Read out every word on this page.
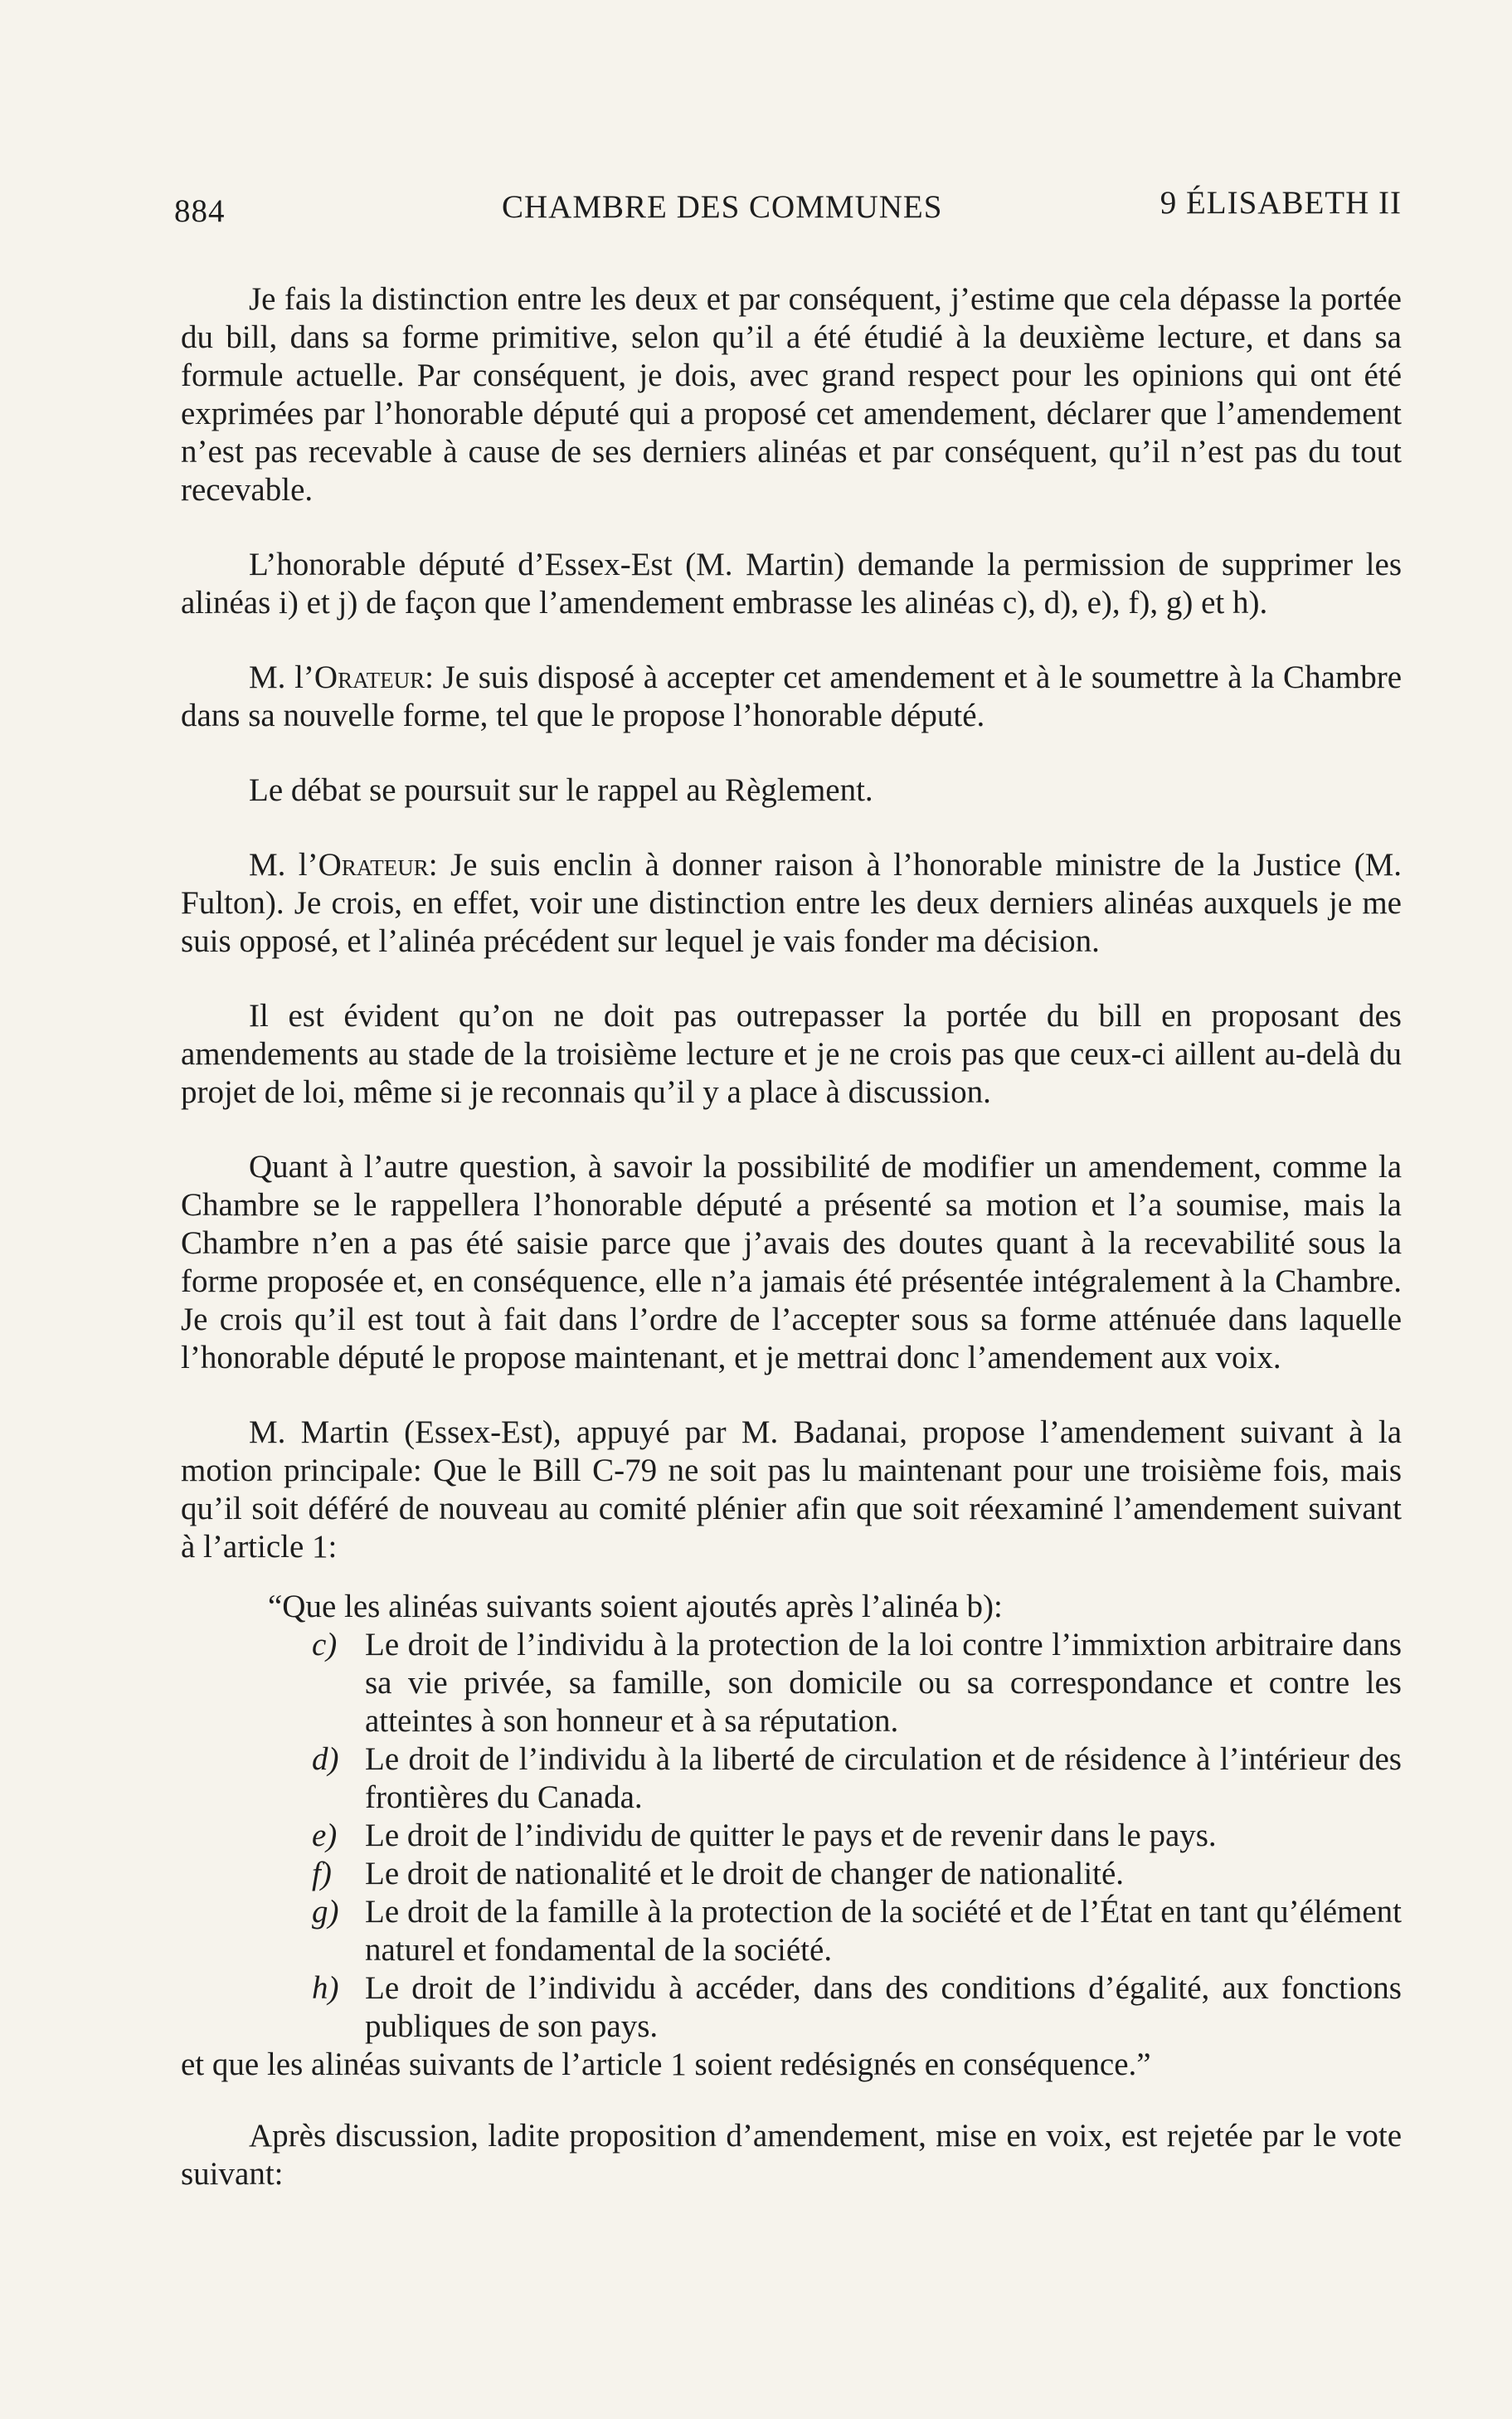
884	CHAMBRE DES COMMUNES	9 ÉLISABETH II

Je fais la distinction entre les deux et par conséquent, j’estime que cela dépasse la portée du bill, dans sa forme primitive, selon qu’il a été étudié à la deuxième lecture, et dans sa formule actuelle. Par conséquent, je dois, avec grand respect pour les opinions qui ont été exprimées par l’honorable député qui a proposé cet amendement, déclarer que l’amendement n’est pas recevable à cause de ses derniers alinéas et par conséquent, qu’il n’est pas du tout recevable.

L’honorable député d’Essex-Est (M. Martin) demande la permission de supprimer les alinéas i) et j) de façon que l’amendement embrasse les alinéas c), d), e), f), g) et h).

M. l’Orateur: Je suis disposé à accepter cet amendement et à le soumettre à la Chambre dans sa nouvelle forme, tel que le propose l’honorable député.

Le débat se poursuit sur le rappel au Règlement.

M. l’Orateur: Je suis enclin à donner raison à l’honorable ministre de la Justice (M. Fulton). Je crois, en effet, voir une distinction entre les deux derniers alinéas auxquels je me suis opposé, et l’alinéa précédent sur lequel je vais fonder ma décision.

Il est évident qu’on ne doit pas outrepasser la portée du bill en proposant des amendements au stade de la troisième lecture et je ne crois pas que ceux-ci aillent au-delà du projet de loi, même si je reconnais qu’il y a place à discussion.

Quant à l’autre question, à savoir la possibilité de modifier un amendement, comme la Chambre se le rappellera l’honorable député a présenté sa motion et l’a soumise, mais la Chambre n’en a pas été saisie parce que j’avais des doutes quant à la recevabilité sous la forme proposée et, en conséquence, elle n’a jamais été présentée intégralement à la Chambre. Je crois qu’il est tout à fait dans l’ordre de l’accepter sous sa forme atténuée dans laquelle l’honorable député le propose maintenant, et je mettrai donc l’amendement aux voix.

M. Martin (Essex-Est), appuyé par M. Badanai, propose l’amendement suivant à la motion principale: Que le Bill C-79 ne soit pas lu maintenant pour une troisième fois, mais qu’il soit déféré de nouveau au comité plénier afin que soit réexaminé l’amendement suivant à l’article 1:

“Que les alinéas suivants soient ajoutés après l’alinéa b):

c) Le droit de l’individu à la protection de la loi contre l’immixtion arbitraire dans sa vie privée, sa famille, son domicile ou sa correspondance et contre les atteintes à son honneur et à sa réputation.
d) Le droit de l’individu à la liberté de circulation et de résidence à l’intérieur des frontières du Canada.
e) Le droit de l’individu de quitter le pays et de revenir dans le pays.
f) Le droit de nationalité et le droit de changer de nationalité.
g) Le droit de la famille à la protection de la société et de l’État en tant qu’élément naturel et fondamental de la société.
h) Le droit de l’individu à accéder, dans des conditions d’égalité, aux fonctions publiques de son pays.

et que les alinéas suivants de l’article 1 soient redésignés en conséquence.”

Après discussion, ladite proposition d’amendement, mise en voix, est rejetée par le vote suivant:
